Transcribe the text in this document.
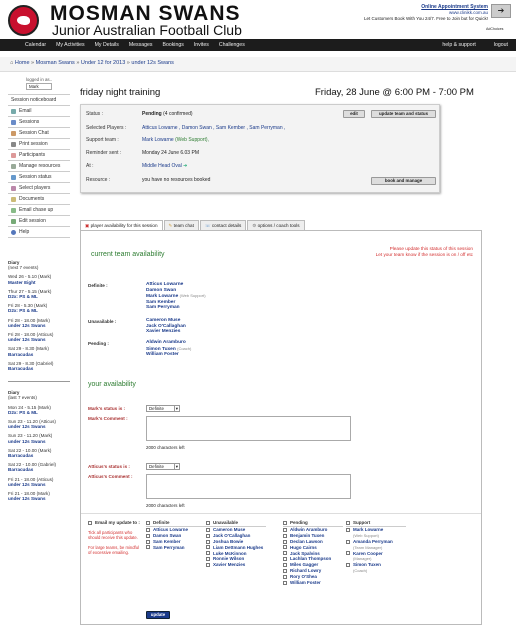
MOSMAN SWANS
Junior Australian Football Club
Online Appointment System
www.clinikk.com.au
Let Customers Book With You 24/7. Free to Join but for Quick!
➔
AdChoices
Calendar	My Activities	My Details	Messages	Bookings	Invites	Challenges	help & support	logout
⌂ Home » Mosman Swans » Under 12 for 2013 » under 12s Swans
logged in as..
Mark
Session noticeboard
Email
Sessions
Session Chat
Print session
Participants
Manage resources
Session status
Select players
Documents
Email chase up
Edit session
Help
Diary
(next 7 events)
Wed 26 - 5.10 (Mark)
Master Eight
Thur 27 - 5.15 (Mark)
D2x: PS & ML
Fri 28 - 5.30 (Mark)
D2x: PS & ML
Fri 28 - 18.00 (Mark)
under 12s Swans
Fri 28 - 18.00 (Atticus)
under 12s Swans
Sat 29 - 8.30 (Mark)
Barracudas
Sat 29 - 8.30 (Gabriel)
Barracudas
Diary
(last 7 events)
Mon 24 - 5.15 (Mark)
D2x: PS & ML
Sun 23 - 11.20 (Atticus)
under 12s Swans
Sun 23 - 11.20 (Mark)
under 12s Swans
Sat 22 - 10.00 (Mark)
Barracudas
Sat 22 - 10.00 (Gabriel)
Barracudas
Fri 21 - 18.00 (Atticus)
under 12s Swans
Fri 21 - 18.00 (Mark)
under 12s Swans
friday night training	Friday, 28 June @ 6:00 PM - 7:00 PM
Status :	Pending
(4 confirmed)	edit	update team and status
Selected Players :	Atticus Lowarne , Damon Swan , Sam Kember , Sam Perryman ,
Support team :	Mark Lowarne
(Web Support),
Reminder sent :	Monday 24 June 6.03 PM
At :	Middle Head Oval
➜
Resource :	you have no resources booked	book and manage
▣ player availability for this session	✎ team chat	☏ contact details	⚙ options / coach tools
current team availability
Please update this status of this session
Let your team know if the session is on / off etc
Definite :	Atticus Lowarne
Damon Swan
Mark Lowarne (Web Support)
Sam Kember
Sam Perryman
Unavailable :	Cameron Muse
Jack O'Callaghan
Xavier Menzies
Pending :	Aldwin Aramburo
Simon Tuxen (Coach)
William Foster
your availability
Mark's status is :	Definite	▾
Mark's Comment :
2000 characters left
Atticus's status is :	Definite	▾
Atticus's Comment :
2000 characters left
Email my update to :
Tick all participants who should receive this update.

For large teams, be mindful of excessive emailing.
Definite
Atticus Lowarne
Damon Swan
Sam Kember
Sam Perryman
Unavailable
Cameron Muse
Jack O'Callaghan
Joshua Bowie
Liam Dettmann Hughes
Luke McKinnon
Ronnie Wilson
Xavier Menzies
Pending
Aldwin Aramburo
Benjamin Tuxen
Declan Lawson
Hugo Cairns
Jack Spalvins
Lachlan Thompson
Miles Gagger
Richard Lowry
Rory O'Shea
William Foster
Support
Mark Lowarne
(Web Support)
Amanda Perryman
(Team Manager)
Karen Cooper
(Manager)
Simon Tuxen
(Coach)
update
